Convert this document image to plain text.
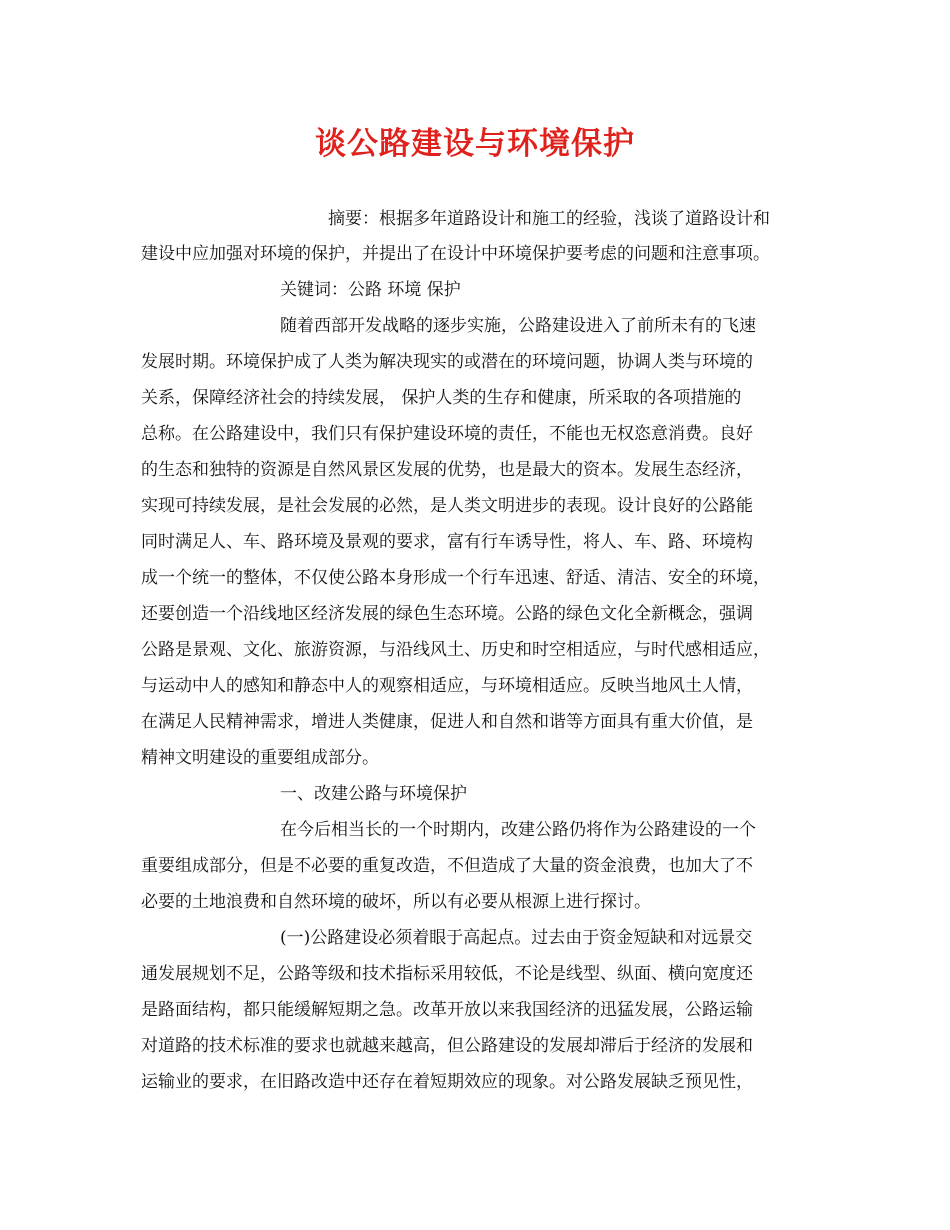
谈公路建设与环境保护
摘要：根据多年道路设计和施工的经验，浅谈了道路设计和
建设中应加强对环境的保护，并提出了在设计中环境保护要考虑的问题和注意事项。
关键词：公路 环境 保护
随着西部开发战略的逐步实施，公路建设进入了前所未有的飞速
发展时期。环境保护成了人类为解决现实的或潜在的环境问题，协调人类与环境的
关系，保障经济社会的持续发展， 保护人类的生存和健康，所采取的各项措施的
总称。在公路建设中，我们只有保护建设环境的责任，不能也无权恣意消费。良好
的生态和独特的资源是自然风景区发展的优势，也是最大的资本。发展生态经济，
实现可持续发展，是社会发展的必然，是人类文明进步的表现。设计良好的公路能
同时满足人、车、路环境及景观的要求，富有行车诱导性，将人、车、路、环境构
成一个统一的整体，不仅使公路本身形成一个行车迅速、舒适、清洁、安全的环境，
还要创造一个沿线地区经济发展的绿色生态环境。公路的绿色文化全新概念，强调
公路是景观、文化、旅游资源，与沿线风土、历史和时空相适应，与时代感相适应，
与运动中人的感知和静态中人的观察相适应，与环境相适应。反映当地风土人情，
在满足人民精神需求，增进人类健康，促进人和自然和谐等方面具有重大价值，是
精神文明建设的重要组成部分。
一、改建公路与环境保护
在今后相当长的一个时期内，改建公路仍将作为公路建设的一个
重要组成部分，但是不必要的重复改造，不但造成了大量的资金浪费，也加大了不
必要的土地浪费和自然环境的破坏，所以有必要从根源上进行探讨。
(一)公路建设必须着眼于高起点。过去由于资金短缺和对远景交
通发展规划不足，公路等级和技术指标采用较低，不论是线型、纵面、横向宽度还
是路面结构，都只能缓解短期之急。改革开放以来我国经济的迅猛发展，公路运输
对道路的技术标准的要求也就越来越高，但公路建设的发展却滞后于经济的发展和
运输业的要求，在旧路改造中还存在着短期效应的现象。对公路发展缺乏预见性，
